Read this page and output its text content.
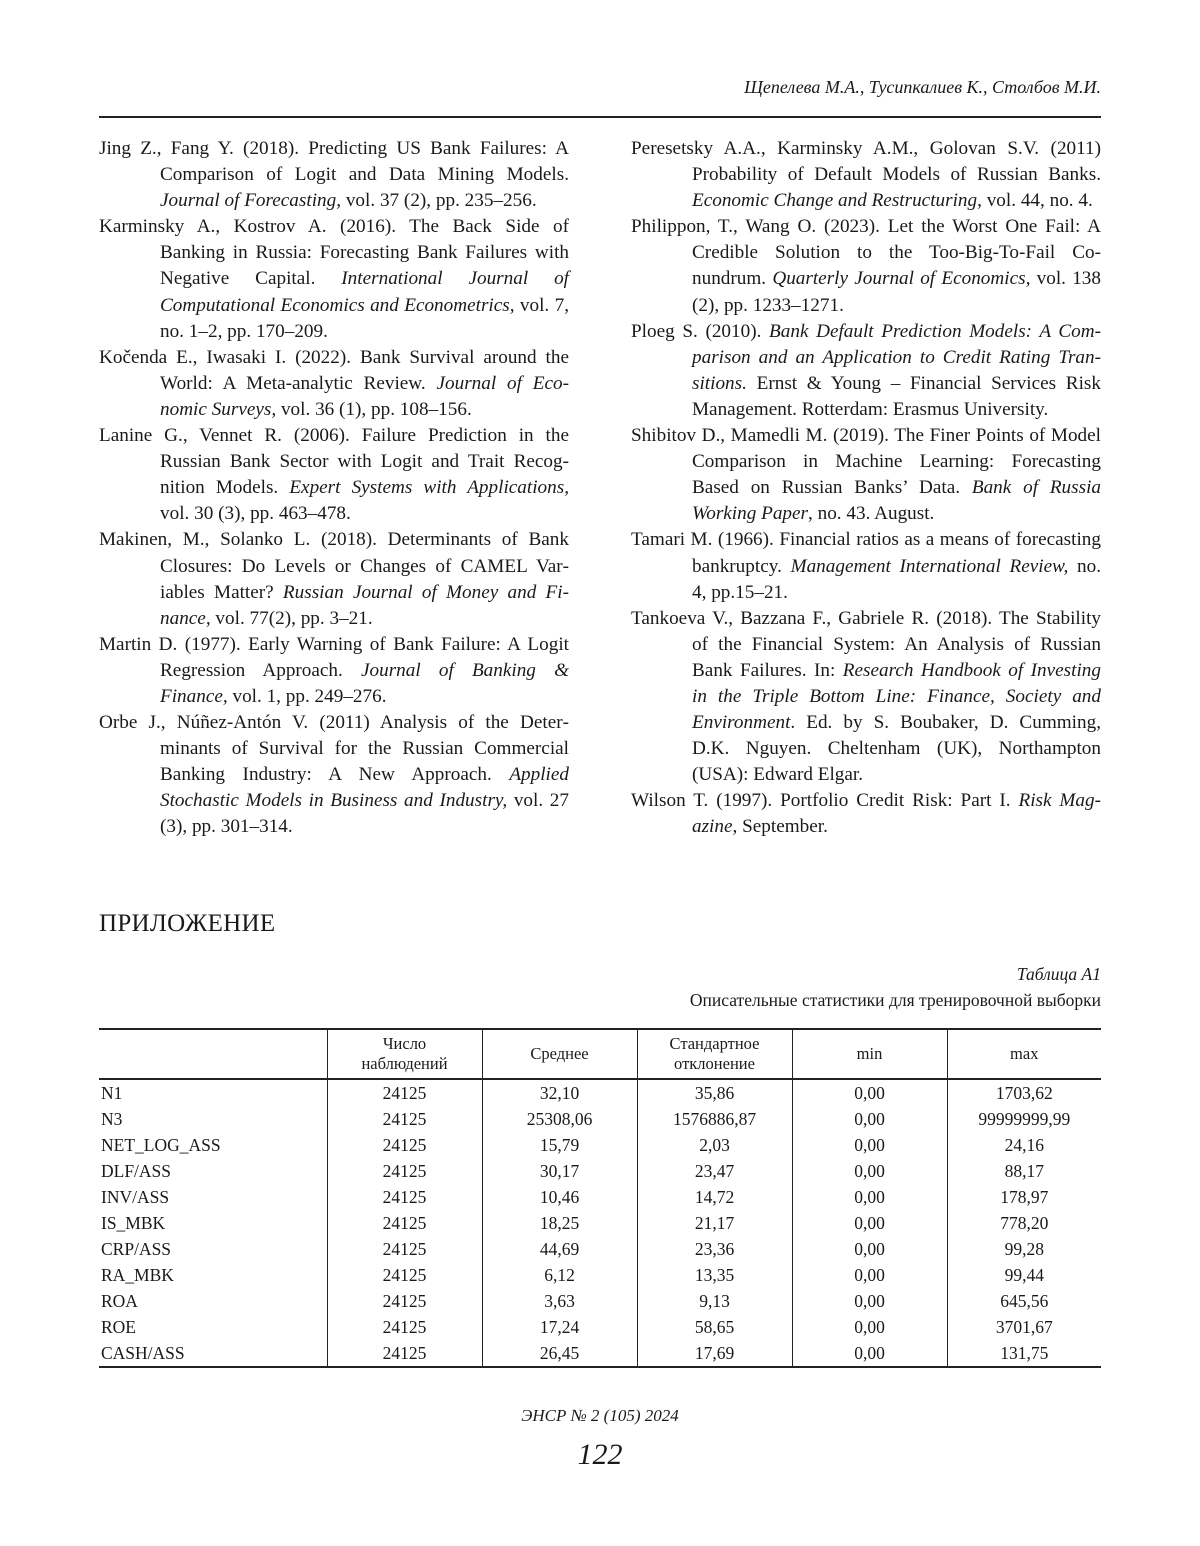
Щепелева М.А., Тусипкалиев К., Столбов М.И.

Jing Z., Fang Y. (2018). Predicting US Bank Failures: A Comparison of Logit and Data Mining Models. Journal of Forecasting, vol. 37 (2), pp. 235–256.

Karminsky A., Kostrov A. (2016). The Back Side of Banking in Russia: Forecasting Bank Failures with Negative Capital. International Journal of Computational Economics and Econometrics, vol. 7, no. 1–2, pp. 170–209.

Kočenda E., Iwasaki I. (2022). Bank Survival around the World: A Meta-analytic Review. Journal of Eco­nomic Surveys, vol. 36 (1), pp. 108–156.

Lanine G., Vennet R. (2006). Failure Prediction in the Russian Bank Sector with Logit and Trait Recog­nition Models. Expert Systems with Applications, vol. 30 (3), pp. 463–478.

Makinen, M., Solanko L. (2018). Determinants of Bank Closures: Do Levels or Changes of CAMEL Var­iables Matter? Russian Journal of Money and Fi­nance, vol. 77(2), pp. 3–21.

Martin D. (1977). Early Warning of Bank Failure: A Logit Regression Approach. Journal of Banking & Finance, vol. 1, pp. 249–276.

Orbe J., Núñez-Antón V. (2011) Analysis of the Deter­minants of Survival for the Russian Commercial Banking Industry: A New Approach. Applied Stochastic Models in Business and Industry, vol. 27 (3), pp. 301–314.

Peresetsky A.A., Karminsky A.M., Golovan S.V. (2011) Probability of Default Models of Russian Banks. Economic Change and Restructuring, vol. 44, no. 4.

Philippon, T., Wang O. (2023). Let the Worst One Fail: A Credible Solution to the Too-Big-To-Fail Co­nundrum. Quarterly Journal of Economics, vol. 138 (2), pp. 1233–1271.

Ploeg S. (2010). Bank Default Prediction Models: A Com­parison and an Application to Credit Rating Tran­sitions. Ernst & Young – Financial Services Risk Management. Rotterdam: Erasmus University.

Shibitov D., Mamedli M. (2019). The Finer Points of Model Comparison in Machine Learning: Fore­casting Based on Russian Banks’ Data. Bank of Russia Working Paper, no. 43. August.

Tamari M. (1966). Financial ratios as a means of fore­casting bankruptcy. Management International Review, no. 4, pp.15–21.

Tankoeva V., Bazzana F., Gabriele R. (2018). The Sta­bility of the Financial System: An Analysis of Russian Bank Failures. In: Research Handbook of Investing in the Triple Bottom Line: Finance, Society and Environment. Ed. by S. Boubaker, D. Cumming, D.K. Nguyen. Cheltenham (UK), Northampton (USA): Edward Elgar.

Wilson T. (1997). Portfolio Credit Risk: Part I. Risk Mag­azine, September.

ПРИЛОЖЕНИЕ
Таблица А1
Описательные статистики для тренировочной выборки
	Число наблюдений	Среднее	Стандартное отклонение	min	max
N1	24125	32,10	35,86	0,00	1703,62
N3	24125	25308,06	1576886,87	0,00	99999999,99
NET_LOG_ASS	24125	15,79	2,03	0,00	24,16
DLF/ASS	24125	30,17	23,47	0,00	88,17
INV/ASS	24125	10,46	14,72	0,00	178,97
IS_MBK	24125	18,25	21,17	0,00	778,20
CRP/ASS	24125	44,69	23,36	0,00	99,28
RA_MBK	24125	6,12	13,35	0,00	99,44
ROA	24125	3,63	9,13	0,00	645,56
ROE	24125	17,24	58,65	0,00	3701,67
CASH/ASS	24125	26,45	17,69	0,00	131,75
ЭНСР № 2 (105) 2024
122
